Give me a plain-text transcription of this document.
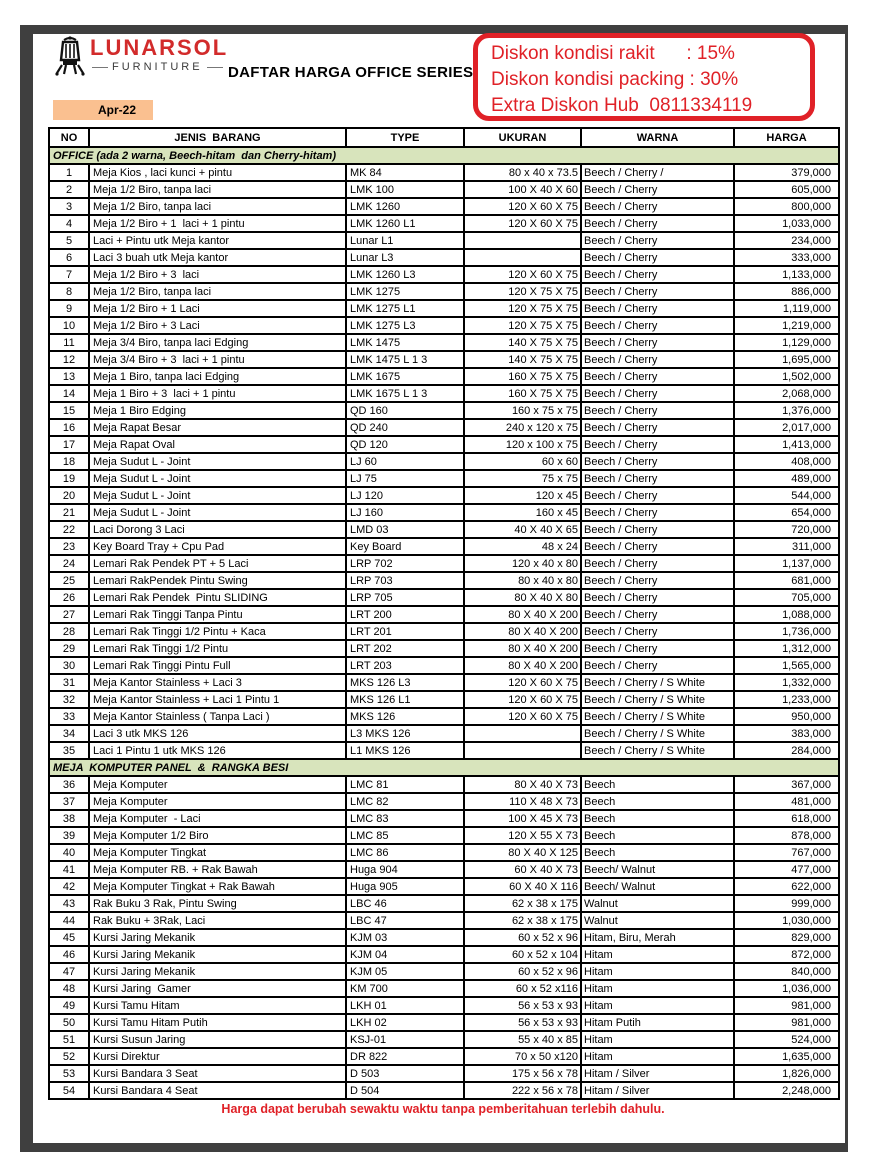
LUNARSOL
FURNITURE DAFTAR HARGA OFFICE SERIES
Apr-22
Diskon kondisi rakit      : 15%
Diskon kondisi packing : 30%
Extra Diskon Hub  0811334119
NO	JENIS  BARANG	TYPE	UKURAN	WARNA	HARGA
OFFICE (ada 2 warna, Beech-hitam  dan Cherry-hitam)					
1	Meja Kios , laci kunci + pintu	MK 84	80 x 40 x 73.5	Beech / Cherry /	379,000
2	Meja 1/2 Biro, tanpa laci	LMK 100	100 X 40 X 60	Beech / Cherry	605,000
3	Meja 1/2 Biro, tanpa laci	LMK 1260	120 X 60 X 75	Beech / Cherry	800,000
4	Meja 1/2 Biro + 1  laci + 1 pintu	LMK 1260 L1	120 X 60 X 75	Beech / Cherry	1,033,000
5	Laci + Pintu utk Meja kantor	Lunar L1		Beech / Cherry	234,000
6	Laci 3 buah utk Meja kantor	Lunar L3		Beech / Cherry	333,000
7	Meja 1/2 Biro + 3  laci	LMK 1260 L3	120 X 60 X 75	Beech / Cherry	1,133,000
8	Meja 1/2 Biro, tanpa laci	LMK 1275	120 X 75 X 75	Beech / Cherry	886,000
9	Meja 1/2 Biro + 1 Laci	LMK 1275 L1	120 X 75 X 75	Beech / Cherry	1,119,000
10	Meja 1/2 Biro + 3 Laci	LMK 1275 L3	120 X 75 X 75	Beech / Cherry	1,219,000
11	Meja 3/4 Biro, tanpa laci Edging	LMK 1475	140 X 75 X 75	Beech / Cherry	1,129,000
12	Meja 3/4 Biro + 3  laci + 1 pintu	LMK 1475 L 1 3	140 X 75 X 75	Beech / Cherry	1,695,000
13	Meja 1 Biro, tanpa laci Edging	LMK 1675	160 X 75 X 75	Beech / Cherry	1,502,000
14	Meja 1 Biro + 3  laci + 1 pintu	LMK 1675 L 1 3	160 X 75 X 75	Beech / Cherry	2,068,000
15	Meja 1 Biro Edging	QD 160	160 x 75 x 75	Beech / Cherry	1,376,000
16	Meja Rapat Besar	QD 240	240 x 120 x 75	Beech / Cherry	2,017,000
17	Meja Rapat Oval	QD 120	120 x 100 x 75	Beech / Cherry	1,413,000
18	Meja Sudut L - Joint	LJ 60	60 x 60	Beech / Cherry	408,000
19	Meja Sudut L - Joint	LJ 75	75 x 75	Beech / Cherry	489,000
20	Meja Sudut L - Joint	LJ 120	120 x 45	Beech / Cherry	544,000
21	Meja Sudut L - Joint	LJ 160	160 x 45	Beech / Cherry	654,000
22	Laci Dorong 3 Laci	LMD 03	40 X 40 X 65	Beech / Cherry	720,000
23	Key Board Tray + Cpu Pad	Key Board	48 x 24	Beech / Cherry	311,000
24	Lemari Rak Pendek PT + 5 Laci	LRP 702	120 x 40 x 80	Beech / Cherry	1,137,000
25	Lemari RakPendek Pintu Swing	LRP 703	80 x 40 x 80	Beech / Cherry	681,000
26	Lemari Rak Pendek  Pintu SLIDING	LRP 705	80 X 40 X 80	Beech / Cherry	705,000
27	Lemari Rak Tinggi Tanpa Pintu	LRT 200	80 X 40 X 200	Beech / Cherry	1,088,000
28	Lemari Rak Tinggi 1/2 Pintu + Kaca	LRT 201	80 X 40 X 200	Beech / Cherry	1,736,000
29	Lemari Rak Tinggi 1/2 Pintu	LRT 202	80 X 40 X 200	Beech / Cherry	1,312,000
30	Lemari Rak Tinggi Pintu Full	LRT 203	80 X 40 X 200	Beech / Cherry	1,565,000
31	Meja Kantor Stainless + Laci 3	MKS 126 L3	120 X 60 X 75	Beech / Cherry / S White	1,332,000
32	Meja Kantor Stainless + Laci 1 Pintu 1	MKS 126 L1	120 X 60 X 75	Beech / Cherry / S White	1,233,000
33	Meja Kantor Stainless ( Tanpa Laci )	MKS 126	120 X 60 X 75	Beech / Cherry / S White	950,000
34	Laci 3 utk MKS 126	L3 MKS 126		Beech / Cherry / S White	383,000
35	Laci 1 Pintu 1 utk MKS 126	L1 MKS 126		Beech / Cherry / S White	284,000
MEJA  KOMPUTER PANEL  &  RANGKA BESI					
36	Meja Komputer	LMC 81	80 X 40 X 73	Beech	367,000
37	Meja Komputer	LMC 82	110 X 48 X 73	Beech	481,000
38	Meja Komputer  - Laci	LMC 83	100 X 45 X 73	Beech	618,000
39	Meja Komputer 1/2 Biro	LMC 85	120 X 55 X 73	Beech	878,000
40	Meja Komputer Tingkat	LMC 86	80 X 40 X 125	Beech	767,000
41	Meja Komputer RB. + Rak Bawah	Huga 904	60 X 40 X 73	Beech/ Walnut	477,000
42	Meja Komputer Tingkat + Rak Bawah	Huga 905	60 X 40 X 116	Beech/ Walnut	622,000
43	Rak Buku 3 Rak, Pintu Swing	LBC 46	62 x 38 x 175	Walnut	999,000
44	Rak Buku + 3Rak, Laci	LBC 47	62 x 38 x 175	Walnut	1,030,000
45	Kursi Jaring Mekanik	KJM 03	60 x 52 x 96	Hitam, Biru, Merah	829,000
46	Kursi Jaring Mekanik	KJM 04	60 x 52 x 104	Hitam	872,000
47	Kursi Jaring Mekanik	KJM 05	60 x 52 x 96	Hitam	840,000
48	Kursi Jaring  Gamer	KM 700	60 x 52 x116	Hitam	1,036,000
49	Kursi Tamu Hitam	LKH 01	56 x 53 x 93	Hitam	981,000
50	Kursi Tamu Hitam Putih	LKH 02	56 x 53 x 93	Hitam Putih	981,000
51	Kursi Susun Jaring	KSJ-01	55 x 40 x 85	Hitam	524,000
52	Kursi Direktur	DR 822	70 x 50 x120	Hitam	1,635,000
53	Kursi Bandara 3 Seat	D 503	175 x 56 x 78	Hitam / Silver	1,826,000
54	Kursi Bandara 4 Seat	D 504	222 x 56 x 78	Hitam / Silver	2,248,000
Harga dapat berubah sewaktu waktu tanpa pemberitahuan terlebih dahulu.
